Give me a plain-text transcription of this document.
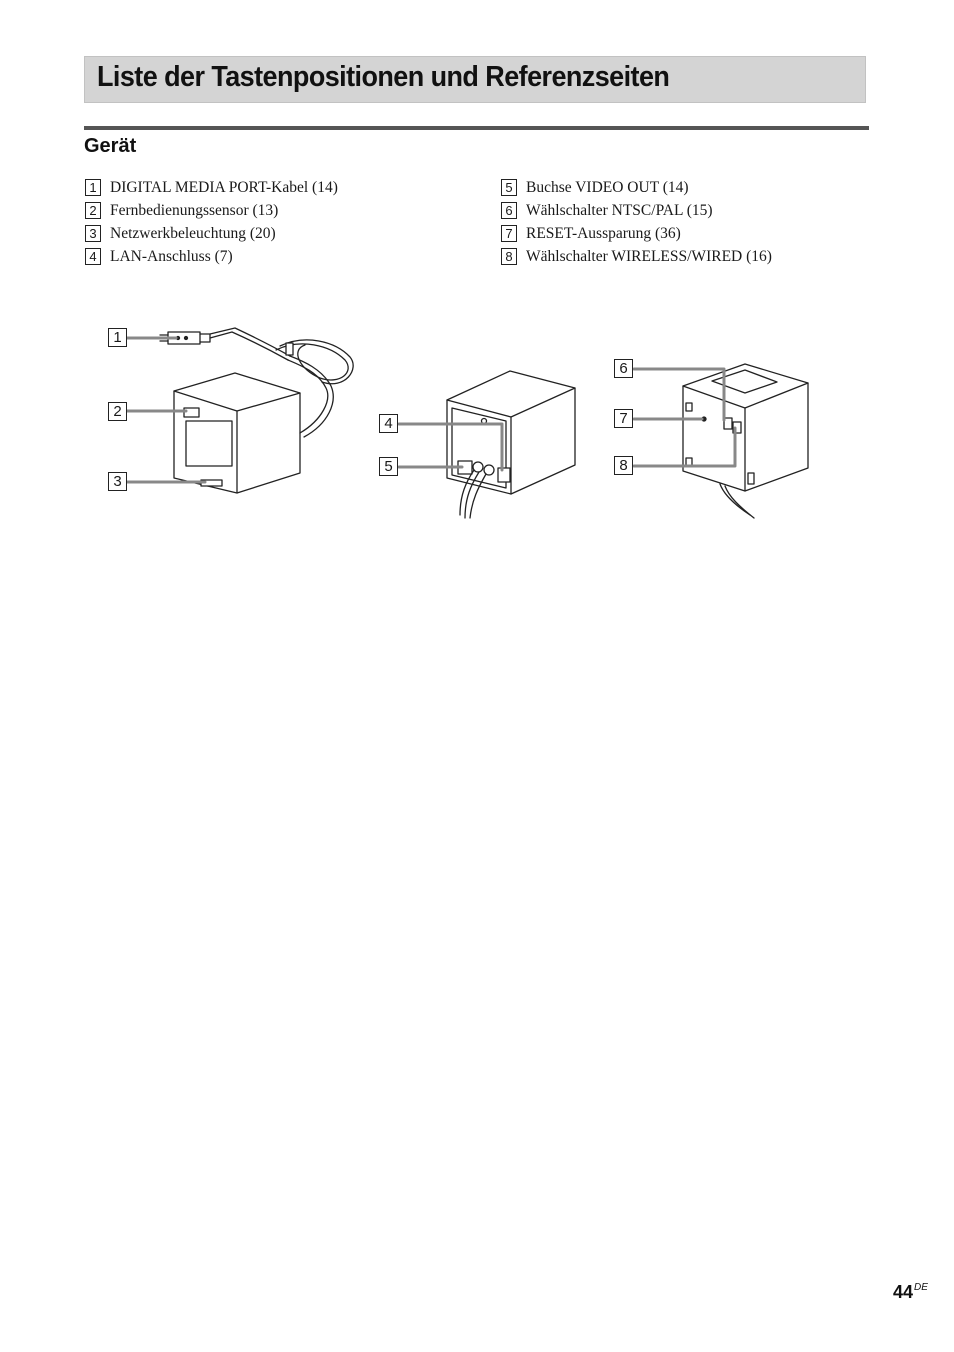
Liste der Tastenpositionen und Referenzseiten
Gerät
1 DIGITAL MEDIA PORT-Kabel (14)
2 Fernbedienungssensor (13)
3 Netzwerkbeleuchtung (20)
4 LAN-Anschluss (7)
5 Buchse VIDEO OUT (14)
6 Wählschalter NTSC/PAL (15)
7 RESET-Aussparung (36)
8 Wählschalter WIRELESS/WIRED (16)
1
2
3
4
5
6
7
8
44DE
